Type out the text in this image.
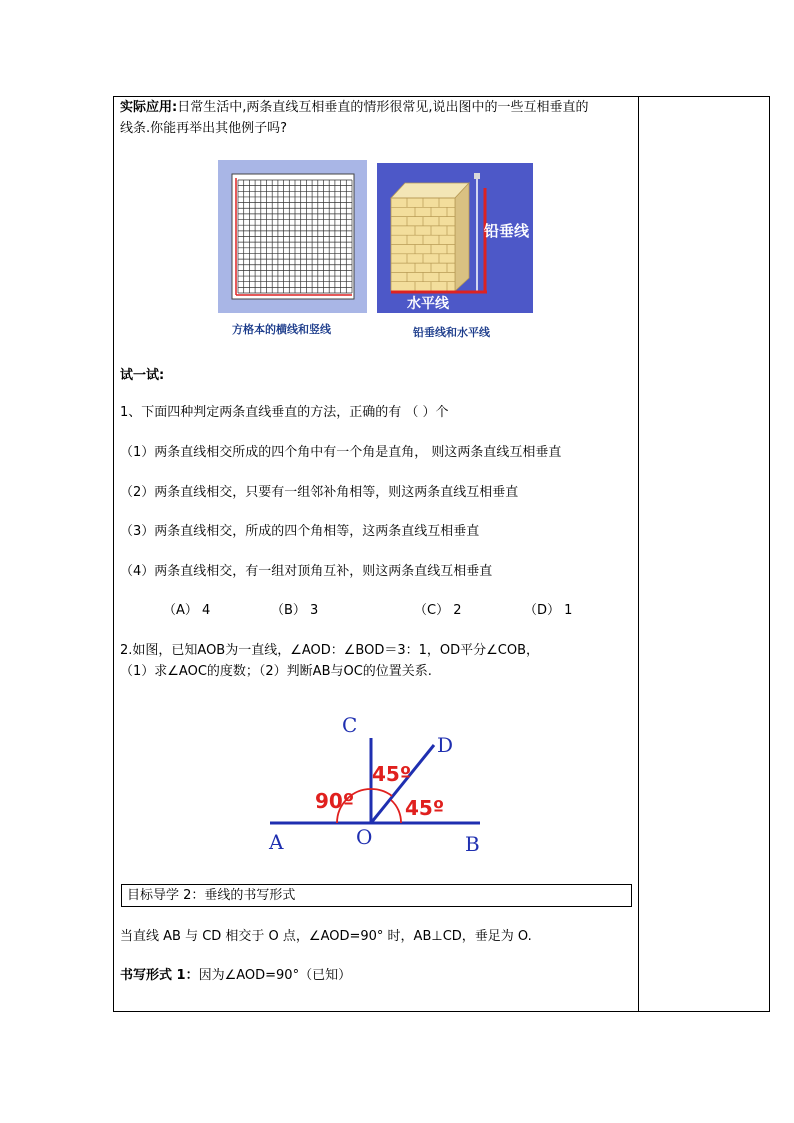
实际应用:日常生活中,两条直线互相垂直的情形很常见,说出图中的一些互相垂直的
线条.你能再举出其他例子吗?
方格本的横线和竖线
铅垂线
水平线
铅垂线和水平线
试一试:
1、下面四种判定两条直线垂直的方法，正确的有 （ ）个
（1）两条直线相交所成的四个角中有一个角是直角， 则这两条直线互相垂直
（2）两条直线相交，只要有一组邻补角相等，则这两条直线互相垂直
（3）两条直线相交，所成的四个角相等，这两条直线互相垂直
（4）两条直线相交，有一组对顶角互补，则这两条直线互相垂直
（A） 4	（B） 3	（C） 2	（D） 1
2.如图，已知AOB为一直线，∠AOD：∠BOD＝3：1，OD平分∠COB，
（1）求∠AOC的度数；（2）判断AB与OC的位置关系.
90º
45º
45º
C
D
A	O	B
目标导学 2：垂线的书写形式
当直线 AB 与 CD 相交于 O 点，∠AOD=90° 时，AB⊥CD，垂足为 O.
书写形式 1：因为∠AOD=90°（已知）
